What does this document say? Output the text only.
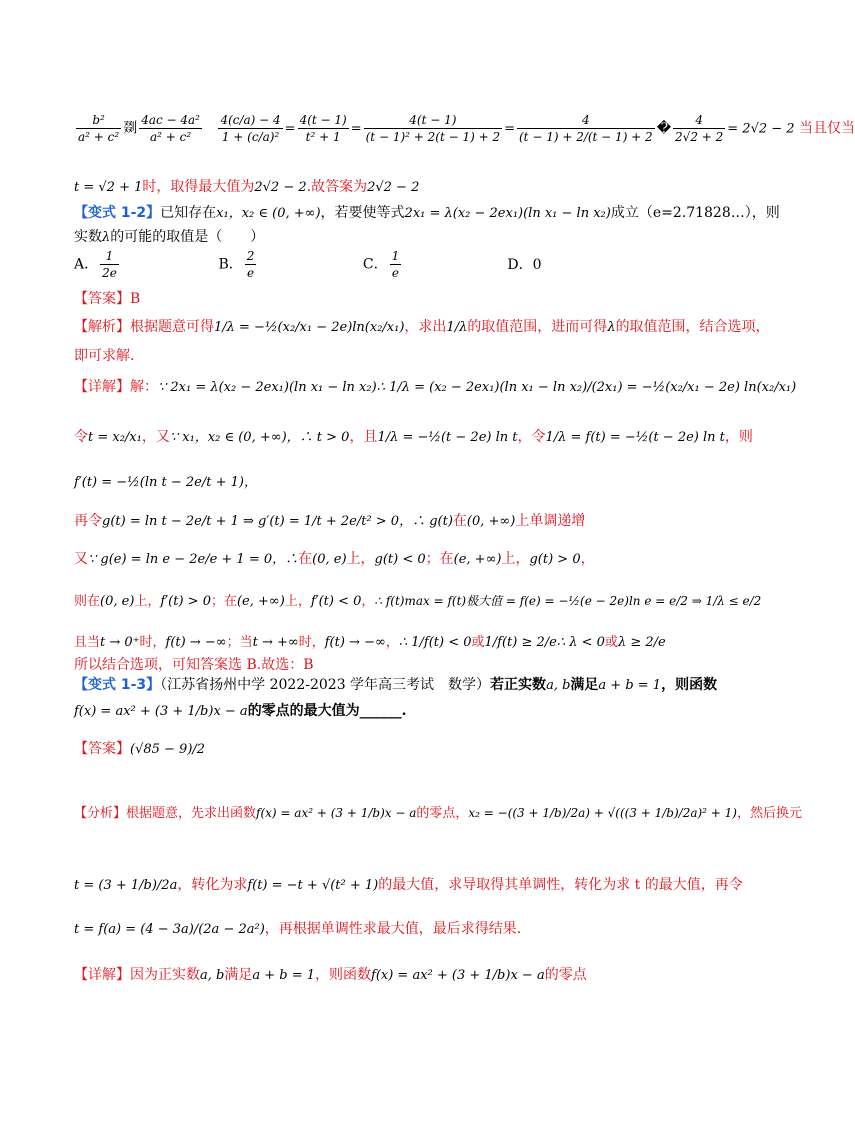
$\frac{\text{b²}}{\text{a² + c²}}$ 剟 $\frac{\text{4ac − 4a²}}{\text{a² + c²}}$
$\frac{4(c/a) - 4}{\text{1 + (c/a)²}} = \frac{4(t - 1)}{\text{t² + 1}} = \frac{4(t - 1)}{\text{(t − 1)² + 2(t − 1) + 2}} = \frac{4}{(t - 1) + 2/(t - 1) + 2}$ � $\frac{4}{2√2 + 2} = 2√2 - 2$ 当且仅当
t = √2 + 1时，取得最大值为2√2 − 2.故答案为2√2 − 2
【变式 1-2】已知存在x₁，x₂ ∈ (0, +∞)，若要使等式2x₁ = λ(x₂ − 2ex₁)(ln x₁ − ln x₂)成立（e=2.71828…），则
实数λ的可能的取值是（　　）
A． $\frac{1}{2e}$	B． $\frac{2}{e}$	C． $\frac{1}{e}$	D．0
【答案】B
【解析】根据题意可得1/λ = −½(x₂/x₁ − 2e)ln(x₂/x₁)，求出1/λ的取值范围，进而可得λ的取值范围，结合选项，
即可求解.
【详解】解：∵ 2x₁ = λ(x₂ − 2ex₁)(ln x₁ − ln x₂)∴ 1/λ = (x₂ − 2ex₁)(ln x₁ − ln x₂)/(2x₁) = −½(x₂/x₁ − 2e) ln(x₂/x₁)
令t = x₂/x₁，又∵ x₁，x₂ ∈ (0, +∞)，∴ t > 0，且1/λ = −½(t − 2e) ln t，令1/λ = f(t) = −½(t − 2e) ln t，则
f′(t) = −½(ln t − 2e/t + 1)，
再令g(t) = ln t − 2e/t + 1 ⇒ g′(t) = 1/t + 2e/t² > 0，∴ g(t)在(0, +∞)上单调递增
又∵ g(e) = ln e − 2e/e + 1 = 0，∴在(0, e)上，g(t) < 0；在(e, +∞)上，g(t) > 0，
则在(0, e)上，f′(t) > 0；在(e, +∞)上，f′(t) < 0，∴ f(t)max = f(t)极大值 = f(e) = −½(e − 2e)ln e = e/2 ⇒ 1/λ ≤ e/2
且当t → 0⁺时，f(t) → −∞；当t → +∞时，f(t) → −∞，∴ 1/f(t) < 0或1/f(t) ≥ 2/e∴ λ < 0或λ ≥ 2/e
所以结合选项，可知答案选 B.故选：B
【变式 1-3】（江苏省扬州中学 2022-2023 学年高三考试　数学）若正实数a, b满足a + b = 1，则函数
f(x) = ax² + (3 + 1/b)x − a的零点的最大值为______.
【答案】(√85 − 9)/2
【分析】根据题意，先求出函数f(x) = ax² + (3 + 1/b)x − a的零点，x₂ = −((3 + 1/b)/2a) + √(((3 + 1/b)/2a)² + 1)，然后换元
t = (3 + 1/b)/2a，转化为求f(t) = −t + √(t² + 1)的最大值，求导取得其单调性，转化为求 t 的最大值，再令
t = f(a) = (4 − 3a)/(2a − 2a²)，再根据单调性求最大值，最后求得结果.
【详解】因为正实数a, b满足a + b = 1，则函数f(x) = ax² + (3 + 1/b)x − a的零点
